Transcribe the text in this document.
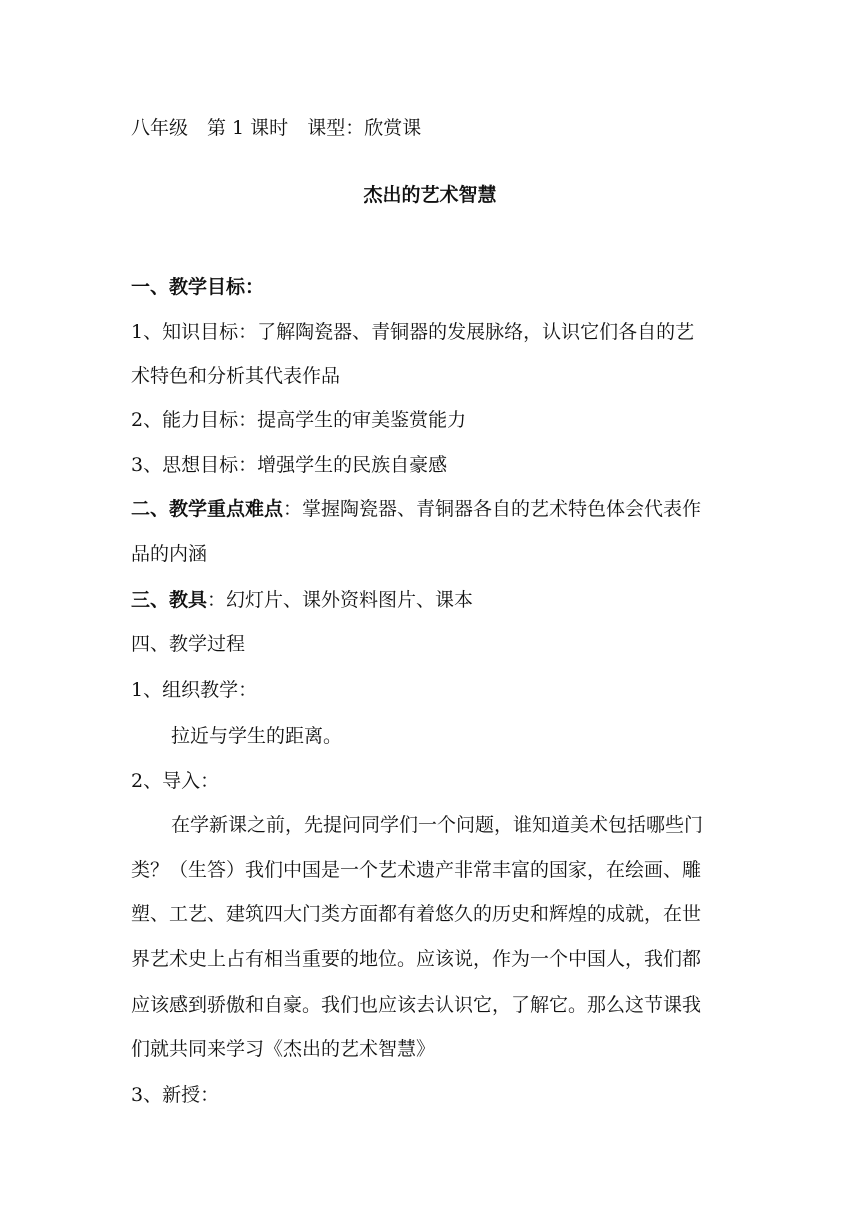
八年级 第 1 课时 课型：欣赏课
杰出的艺术智慧
一、教学目标：
1、知识目标：了解陶瓷器、青铜器的发展脉络，认识它们各自的艺
术特色和分析其代表作品
2、能力目标：提高学生的审美鉴赏能力
3、思想目标：增强学生的民族自豪感
二、教学重点难点：掌握陶瓷器、青铜器各自的艺术特色体会代表作
品的内涵
三、教具：幻灯片、课外资料图片、课本
四、教学过程
1、组织教学：
拉近与学生的距离。
2、导入：
在学新课之前，先提问同学们一个问题，谁知道美术包括哪些门
类？（生答）我们中国是一个艺术遗产非常丰富的国家，在绘画、雕
塑、工艺、建筑四大门类方面都有着悠久的历史和辉煌的成就，在世
界艺术史上占有相当重要的地位。应该说，作为一个中国人，我们都
应该感到骄傲和自豪。我们也应该去认识它，了解它。那么这节课我
们就共同来学习《杰出的艺术智慧》
3、新授：
